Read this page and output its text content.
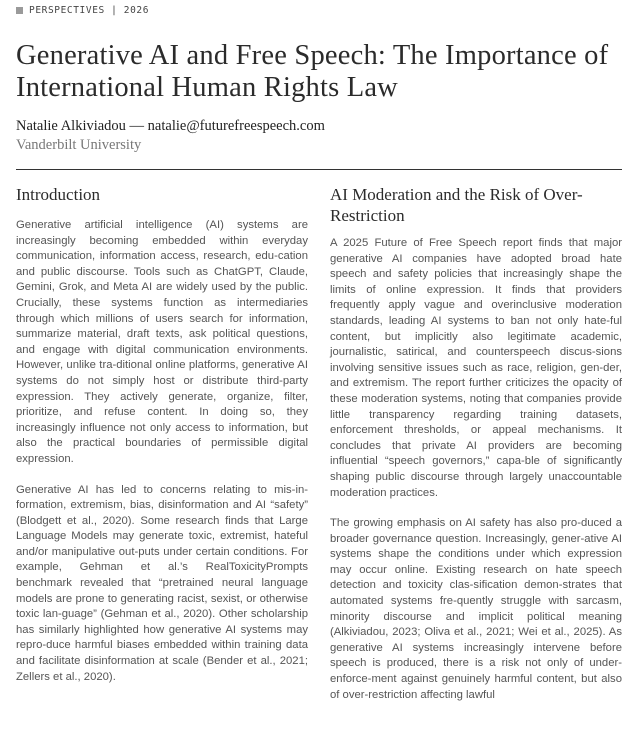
PERSPECTIVES | 2026
Generative AI and Free Speech: The Importance of International Human Rights Law
Natalie Alkiviadou — natalie@futurefreespeech.com
Vanderbilt University
Introduction

Generative artificial intelligence (AI) systems are increasingly becoming embedded within everyday communication, information access, research, edu-cation and public discourse. Tools such as ChatGPT, Claude, Gemini, Grok, and Meta AI are widely used by the public. Crucially, these systems function as intermediaries through which millions of users search for information, summarize material, draft texts, ask political questions, and engage with digital communication environments. However, unlike tra-ditional online platforms, generative AI systems do not simply host or distribute third-party expression. They actively generate, organize, filter, prioritize, and refuse content. In doing so, they increasingly influence not only access to information, but also the practical boundaries of permissible digital expression.

Generative AI has led to concerns relating to mis-in-formation, extremism, bias, disinformation and AI “safety” (Blodgett et al., 2020). Some research finds that Large Language Models may generate toxic, extremist, hateful and/or manipulative out-puts under certain conditions. For example, Gehman et al.’s RealToxicityPrompts benchmark revealed that “pretrained neural language models are prone to generating racist, sexist, or otherwise toxic lan-guage” (Gehman et al., 2020). Other scholarship has similarly highlighted how generative AI systems may repro-duce harmful biases embedded within training data and facilitate disinformation at scale (Bender et al., 2021; Zellers et al., 2020).

AI Moderation and the Risk of Over-Restriction

A 2025 Future of Free Speech report finds that major generative AI companies have adopted broad hate speech and safety policies that increasingly shape the limits of online expression. It finds that providers frequently apply vague and overinclusive moderation standards, leading AI systems to ban not only hate-ful content, but implicitly also legitimate academic, journalistic, satirical, and counterspeech discus-sions involving sensitive issues such as race, religion, gen-der, and extremism. The report further criticizes the opacity of these moderation systems, noting that companies provide little transparency regarding training datasets, enforcement thresholds, or appeal mechanisms. It concludes that private AI providers are becoming influential “speech governors,” capa-ble of significantly shaping public discourse through largely unaccountable moderation practices.

The growing emphasis on AI safety has also pro-duced a broader governance question. Increasingly, gener-ative AI systems shape the conditions under which expression may occur online. Existing research on hate speech detection and toxicity clas-sification demon-strates that automated systems fre-quently struggle with sarcasm, minority discourse and implicit political meaning (Alkiviadou, 2023; Oliva et al., 2021; Wei et al., 2025). As generative AI systems increasingly intervene before speech is produced, there is a risk not only of under-enforce-ment against genuinely harmful content, but also of over-restriction affecting lawful
